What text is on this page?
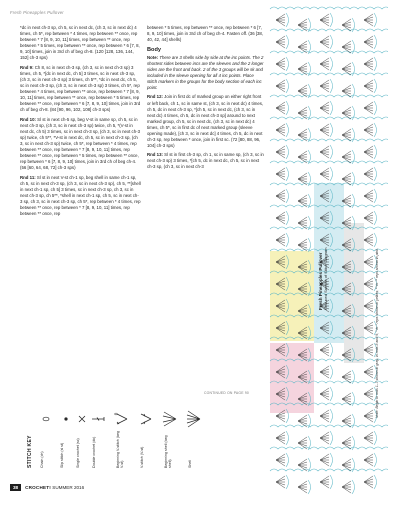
Fresh Pineapples Pullover

*dc in next ch-3 sp, ch 5, sc in next dc, (ch 3, sc in next dc) 4 times, ch 5*, rep between * 4 times, rep between ** once, rep between * 7 [8, 9, 10, 11] times, rep between ** once, rep between * 5 times, rep between ** once, rep between * 6 [7, 8, 9, 10] times, join in 3rd ch of beg ch-8. (120 [128, 136, 144, 152] ch-3 sps)

Rnd 9: Ch 8, sc in next ch-3 sp, (ch 3, sc in next ch-3 sp) 3 times, ch 5, *[dc in next dc, ch 5] 3 times, sc in next ch-3 sp, (ch 3, sc in next ch-3 sp) 3 times, ch 5**, *dc in next dc, ch 5, sc in next ch-3 sp, (ch 3, sc in next ch-3 sp) 3 times, ch 5*, rep between * 4 times, rep between ** once, rep between * 7 [8, 9, 10, 11] times, rep between ** once, rep between * 5 times, rep between ** once, rep between * 6 [7, 8, 9, 10] times, join in 3rd ch of beg ch-8. (84 [90, 96, 102, 108] ch-3 sps)

Rnd 10: Sl st in next ch-5 sp, beg V-st in same sp, ch 5, sc in next ch-3 sp, (ch 3, sc in next ch-3 sp) twice, ch 5, *(V-st in next dc, ch 5) 3 times, sc in next ch-3 sp, (ch 3, sc in next ch-3 sp) twice, ch 5**, *V-st in next dc, ch 5, sc in next ch-3 sp, (ch 3, sc in next ch-3 sp) twice, ch 5*, rep between * 4 times, rep between ** once, rep between * 7 [8, 9, 10, 11] times, rep between ** once, rep between * 5 times, rep between ** once, rep between * 6 [7, 8, 9, 10] times, join in 3rd ch of beg ch-4. (56 [60, 64, 68, 72] ch-3 sps)

Rnd 11: Sl st in next V-st ch-1 sp, beg shell in same ch-1 sp, ch 5, sc in next ch-3 sp, (ch 3, sc in next ch-3 sp), ch 5, **[shell in next ch-1 sp, ch 5] 3 times, sc in next ch-3 sp, ch 3, sc in next ch-3 sp, ch 5**, *shell in next ch-1 sp, ch 5, sc in next ch-3 sp, ch 3, sc in next ch-3 sp, ch 5*, rep between * 4 times, rep between ** once, rep between * 7 [8, 9, 10, 11] times, rep between ** once, rep

between * 5 times, rep between ** once, rep between * 6 [7, 8, 9, 10] times, join in 3rd ch of beg ch-4. Fasten off. (36 [38, 40, 42, 44] shells)

Body

Note: There are 3 shells side by side at the inc points. The 2 shortest sides between incs are the sleeves and the 2 longer sides are the front and back. 2 of the 3 groups will be sk and included in the sleeve opening for all 4 inc points. Place stitch markers in the groups for the body section of each inc point.

Rnd 12: Join in first dc of marked group on either right front or left back, ch 1, sc in same st, (ch 3, sc in next dc) 4 times, ch 5, dc in next ch-3 sp, *[ch 5, sc in next dc, (ch 3, sc in next dc) 4 times, ch 5, dc in next ch-3 sp] around to next marked group, ch 5, sc in next dc, (ch 3, sc in next dc) 4 times, ch 5*, sc in first dc of next marked group (sleeve opening made), [ch 3, sc in next dc] 4 times, ch 5, dc in next ch-3 sp, rep between * once, join in first sc. (72 [80, 88, 96, 104] ch-3 sps)

Rnd 13: Sl st in first ch-3 sp, ch 1, sc in same sp, (ch 3, sc in next ch-3 sp) 3 times, *[ch 5, dc in next dc, ch 5, sc in next ch-3 sp, (ch 3, sc in next ch-3

CONTINUED ON PAGE 90
Fresh Pineapples Pullover Reduced Sample of Stitch Diagram	Note: Begin in rnds 1–7 shown in gray. In rnds 8 and 9, * to * reps shown in yellow, ** to ** reps shown in pink.
STITCH KEY Chain (ch)	Slip stitch (sl st)	Single crochet (sc)	Double crochet (dc)	Beginning V-stitch (beg V-st)	V-stitch (V-st)	Beginning shell (beg shell)	Shell
38 CROCHET! SUMMER 2016
